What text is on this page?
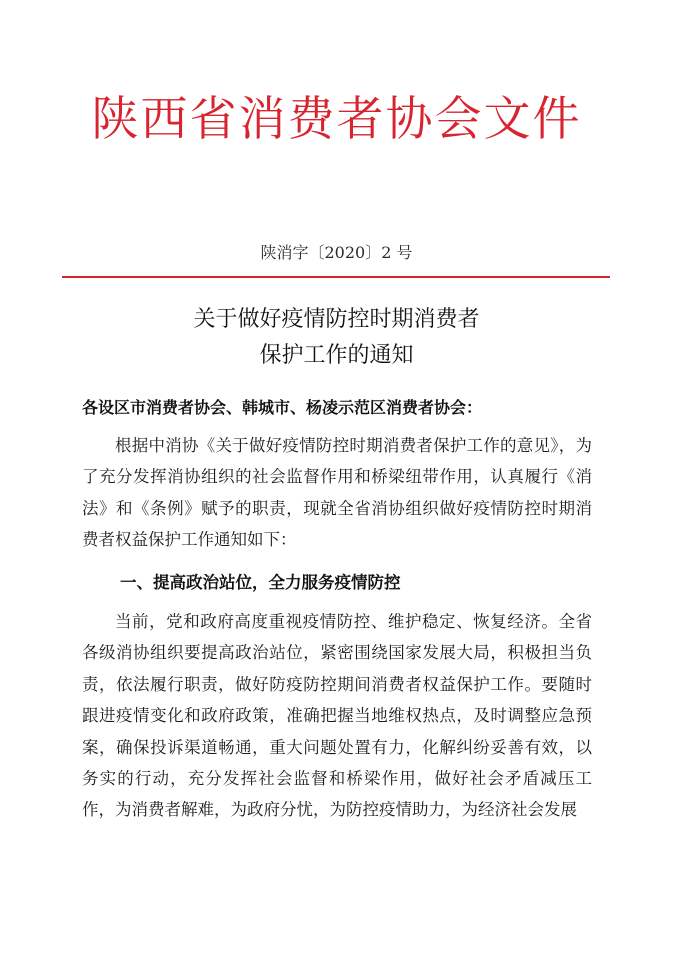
陕西省消费者协会文件
陕消字〔2020〕2 号
关于做好疫情防控时期消费者
保护工作的通知
各设区市消费者协会、韩城市、杨凌示范区消费者协会：

根据中消协《关于做好疫情防控时期消费者保护工作的意见》，为了充分发挥消协组织的社会监督作用和桥梁纽带作用，认真履行《消法》和《条例》赋予的职责，现就全省消协组织做好疫情防控时期消费者权益保护工作通知如下：

一、提高政治站位，全力服务疫情防控

当前，党和政府高度重视疫情防控、维护稳定、恢复经济。全省各级消协组织要提高政治站位，紧密围绕国家发展大局，积极担当负责，依法履行职责，做好防疫防控期间消费者权益保护工作。要随时跟进疫情变化和政府政策，准确把握当地维权热点，及时调整应急预案，确保投诉渠道畅通，重大问题处置有力，化解纠纷妥善有效，以务实的行动，充分发挥社会监督和桥梁作用，做好社会矛盾减压工作，为消费者解难，为政府分忧，为防控疫情助力，为经济社会发展
